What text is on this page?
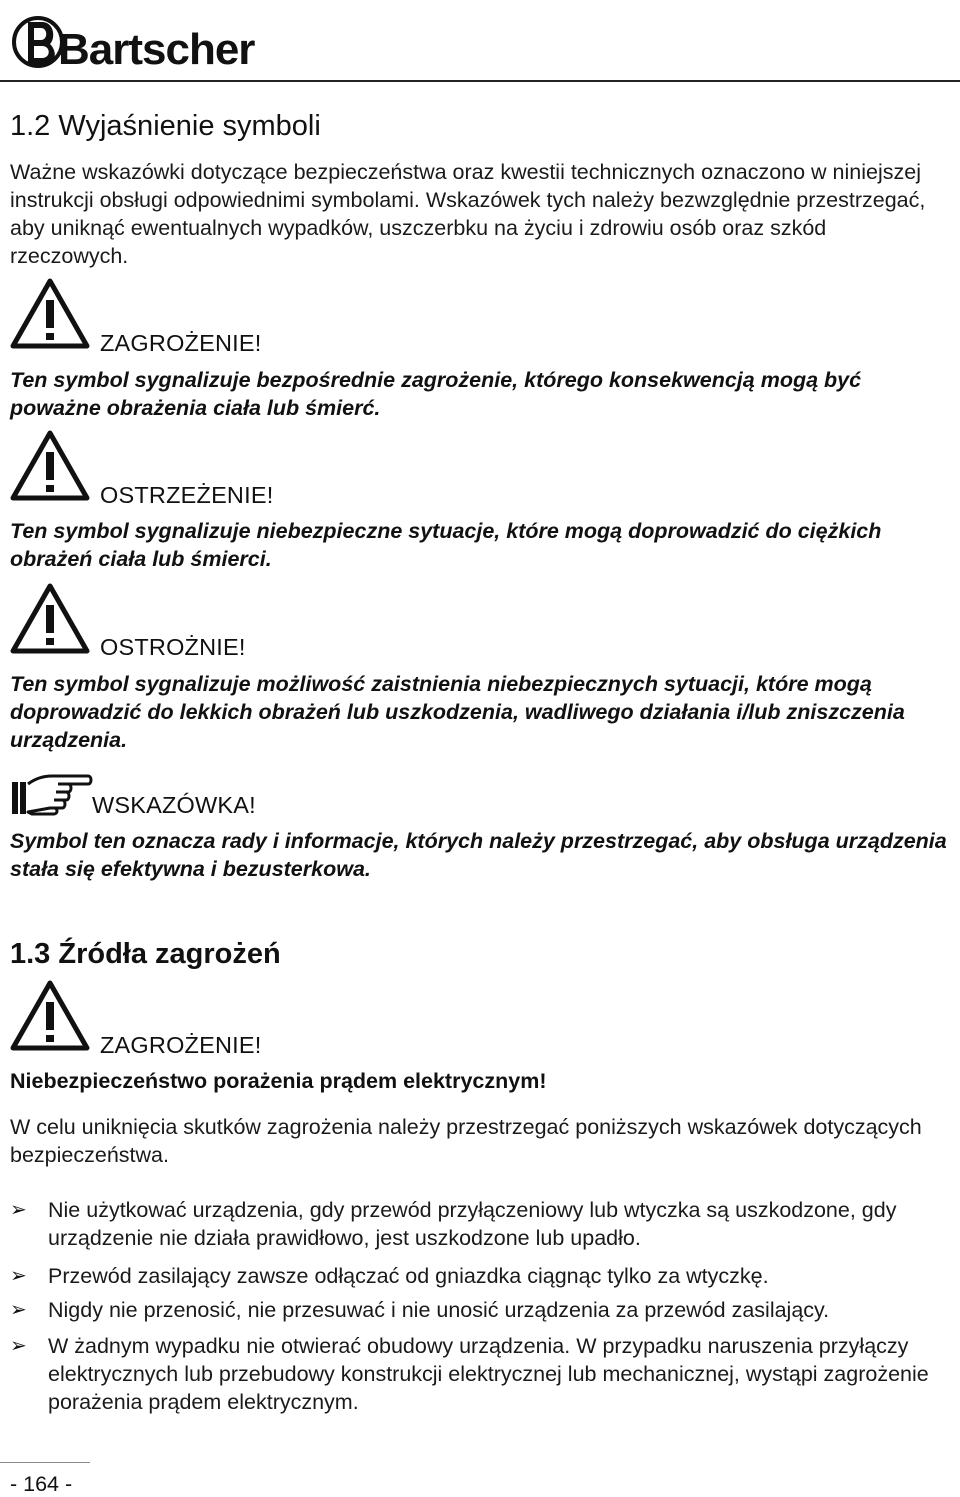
Bartscher
1.2 Wyjaśnienie symboli
Ważne wskazówki dotyczące bezpieczeństwa oraz kwestii technicznych oznaczono w niniejszej instrukcji obsługi odpowiednimi symbolami. Wskazówek tych należy bezwzględnie przestrzegać, aby uniknąć ewentualnych wypadków, uszczerbku na życiu i zdrowiu osób oraz szkód rzeczowych.
ZAGROŻENIE!
Ten symbol sygnalizuje bezpośrednie zagrożenie, którego konsekwencją mogą być poważne obrażenia ciała lub śmierć.
OSTRZEŻENIE!
Ten symbol sygnalizuje niebezpieczne sytuacje, które mogą doprowadzić do ciężkich obrażeń ciała lub śmierci.
OSTROŻNIE!
Ten symbol sygnalizuje możliwość zaistnienia niebezpiecznych sytuacji, które mogą doprowadzić do lekkich obrażeń lub uszkodzenia, wadliwego działania i/lub zniszczenia urządzenia.
WSKAZÓWKA!
Symbol ten oznacza rady i informacje, których należy przestrzegać, aby obsługa urządzenia stała się efektywna i bezusterkowa.
1.3 Źródła zagrożeń
ZAGROŻENIE!
Niebezpieczeństwo porażenia prądem elektrycznym!
W celu uniknięcia skutków zagrożenia należy przestrzegać poniższych wskazówek dotyczących bezpieczeństwa.
➢ Nie użytkować urządzenia, gdy przewód przyłączeniowy lub wtyczka są uszkodzone, gdy urządzenie nie działa prawidłowo, jest uszkodzone lub upadło.
➢ Przewód zasilający zawsze odłączać od gniazdka ciągnąc tylko za wtyczkę.
➢ Nigdy nie przenosić, nie przesuwać i nie unosić urządzenia za przewód zasilający.
➢ W żadnym wypadku nie otwierać obudowy urządzenia. W przypadku naruszenia przyłączy elektrycznych lub przebudowy konstrukcji elektrycznej lub mechanicznej, wystąpi zagrożenie porażenia prądem elektrycznym.
- 164 -
